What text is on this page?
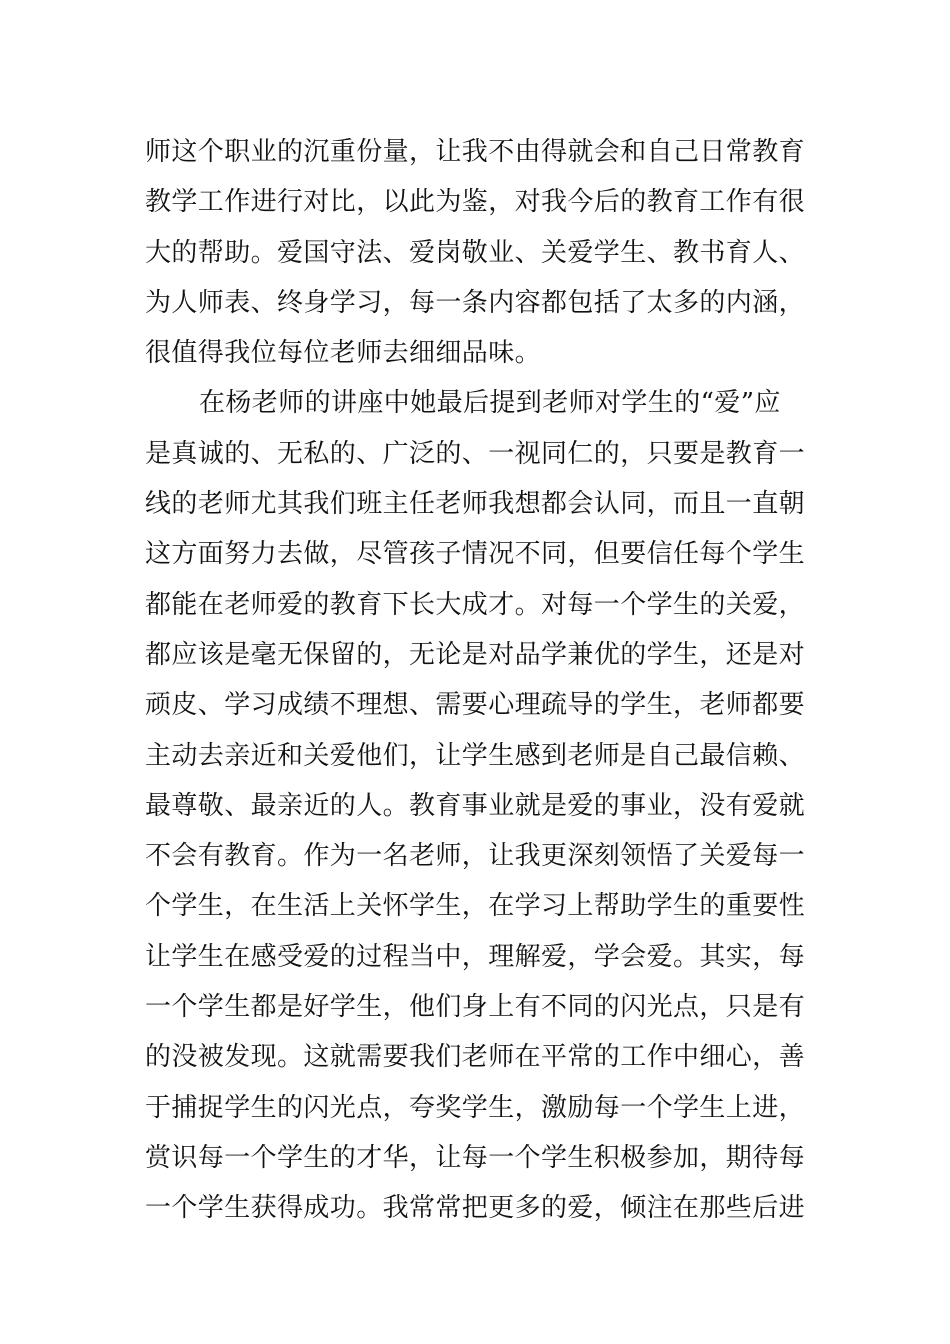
师这个职业的沉重份量，让我不由得就会和自己日常教育
教学工作进行对比，以此为鉴，对我今后的教育工作有很
大的帮助。爱国守法、爱岗敬业、关爱学生、教书育人、
为人师表、终身学习，每一条内容都包括了太多的内涵，
很值得我位每位老师去细细品味。
在杨老师的讲座中她最后提到老师对学生的“爱”应
是真诚的、无私的、广泛的、一视同仁的，只要是教育一
线的老师尤其我们班主任老师我想都会认同，而且一直朝
这方面努力去做，尽管孩子情况不同，但要信任每个学生
都能在老师爱的教育下长大成才。对每一个学生的关爱，
都应该是毫无保留的，无论是对品学兼优的学生，还是对
顽皮、学习成绩不理想、需要心理疏导的学生，老师都要
主动去亲近和关爱他们，让学生感到老师是自己最信赖、
最尊敬、最亲近的人。教育事业就是爱的事业，没有爱就
不会有教育。作为一名老师，让我更深刻领悟了关爱每一
个学生，在生活上关怀学生，在学习上帮助学生的重要性
让学生在感受爱的过程当中，理解爱，学会爱。其实，每
一个学生都是好学生，他们身上有不同的闪光点，只是有
的没被发现。这就需要我们老师在平常的工作中细心，善
于捕捉学生的闪光点，夸奖学生，激励每一个学生上进，
赏识每一个学生的才华，让每一个学生积极参加，期待每
一个学生获得成功。我常常把更多的爱，倾注在那些后进
